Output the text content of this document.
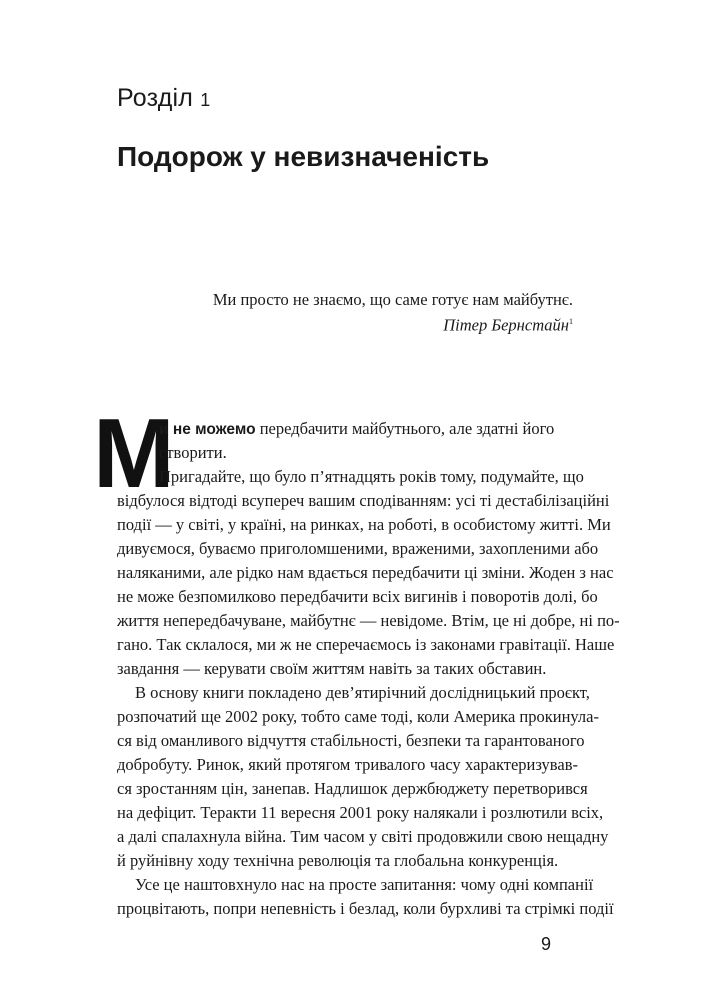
Розділ 1
Подорож у невизначеність
Ми просто не знаємо, що саме готує нам майбутнє.
Пітер Бернстайн$^1$
М
и не можемо передбачити майбутнього, але здатні його
створити.
Пригадайте, що було п’ятнадцять років тому, подумайте, що
відбулося відтоді всупереч вашим сподіванням: усі ті дестабілізаційні
події — у світі, у країні, на ринках, на роботі, в особистому житті. Ми
дивуємося, буваємо приголомшеними, враженими, захопленими або
наляканими, але рідко нам вдається передбачити ці зміни. Жоден з нас
не може безпомилково передбачити всіх вигинів і поворотів долі, бо
життя непередбачуване, майбутнє — невідоме. Втім, це ні добре, ні по-
гано. Так склалося, ми ж не сперечаємось із законами гравітації. Наше
завдання — керувати своїм життям навіть за таких обставин.
В основу книги покладено дев’ятирічний дослідницький проєкт,
розпочатий ще 2002 року, тобто саме тоді, коли Америка прокинула-
ся від оманливого відчуття стабільності, безпеки та гарантованого
добробуту. Ринок, який протягом тривалого часу характеризував-
ся зростанням цін, занепав. Надлишок держбюджету перетворився
на дефіцит. Теракти 11 вересня 2001 року налякали і розлютили всіх,
а далі спалахнула війна. Тим часом у світі продовжили свою нещадну
й руйнівну ходу технічна революція та глобальна конкуренція.
Усе це наштовхнуло нас на просте запитання: чому одні компанії
процвітають, попри непевність і безлад, коли бурхливі та стрімкі події
9
